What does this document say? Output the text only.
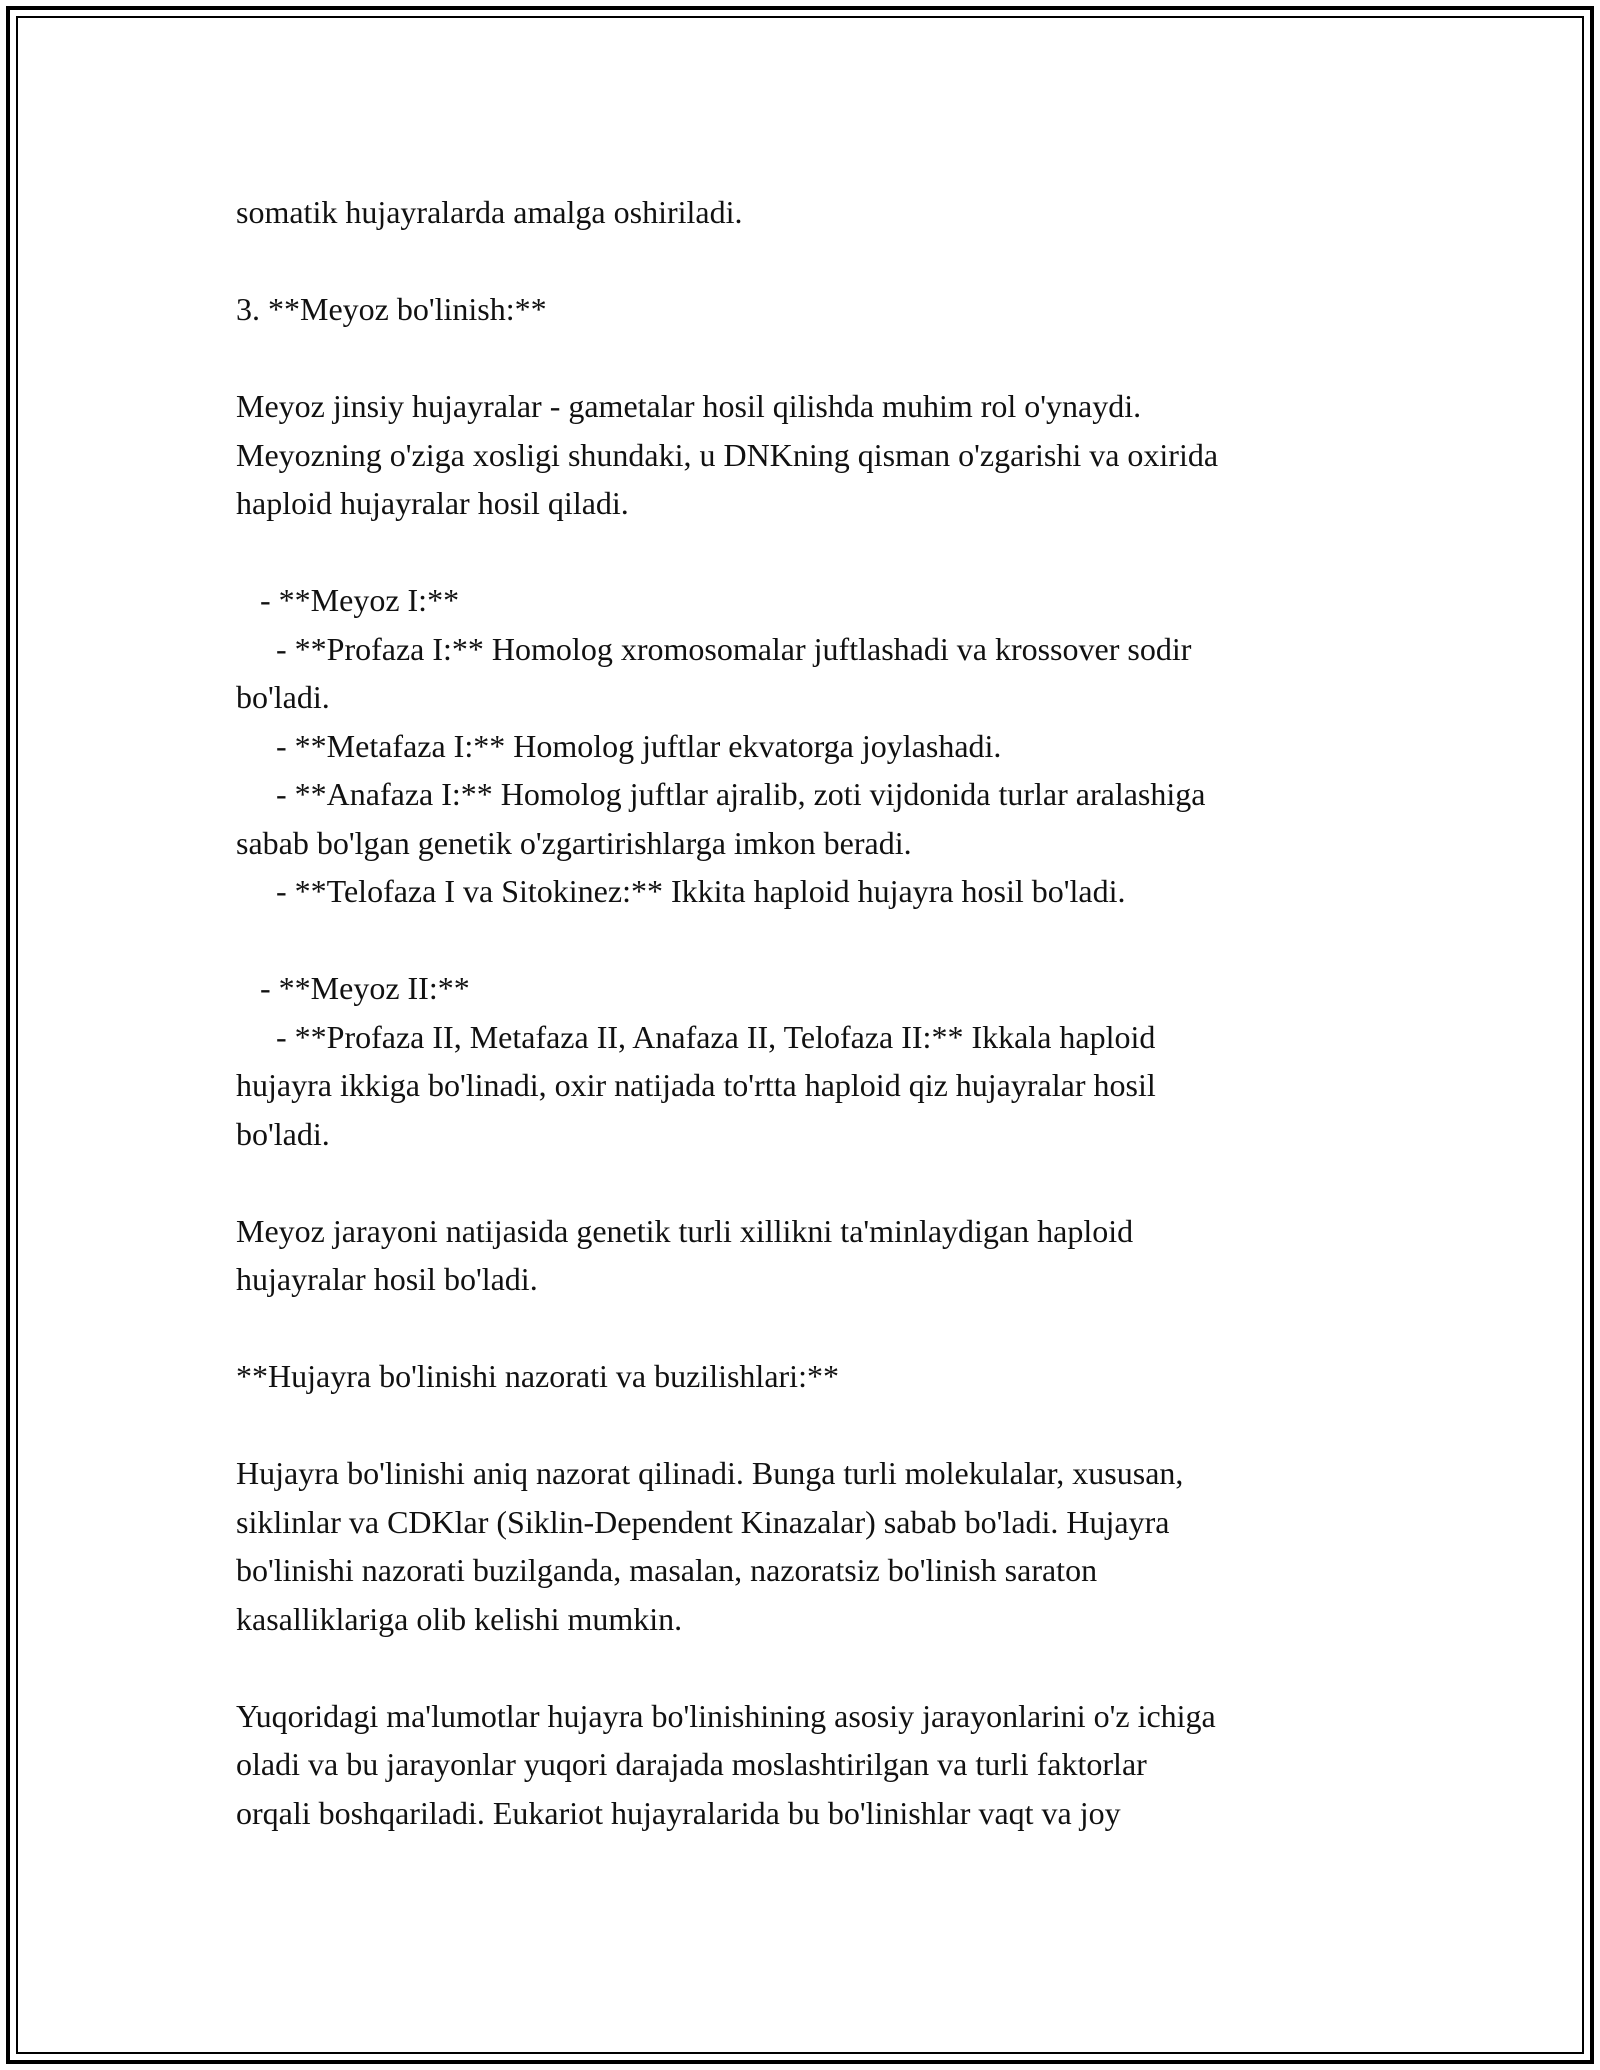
somatik hujayralarda amalga oshiriladi.
3. **Meyoz bo'linish:**
Meyoz jinsiy hujayralar - gametalar hosil qilishda muhim rol o'ynaydi.
Meyozning o'ziga xosligi shundaki, u DNKning qisman o'zgarishi va oxirida
haploid hujayralar hosil qiladi.
- **Meyoz I:**
- **Profaza I:** Homolog xromosomalar juftlashadi va krossover sodir
bo'ladi.
- **Metafaza I:** Homolog juftlar ekvatorga joylashadi.
- **Anafaza I:** Homolog juftlar ajralib, zoti vijdonida turlar aralashiga
sabab bo'lgan genetik o'zgartirishlarga imkon beradi.
- **Telofaza I va Sitokinez:** Ikkita haploid hujayra hosil bo'ladi.
- **Meyoz II:**
- **Profaza II, Metafaza II, Anafaza II, Telofaza II:** Ikkala haploid
hujayra ikkiga bo'linadi, oxir natijada to'rtta haploid qiz hujayralar hosil
bo'ladi.
Meyoz jarayoni natijasida genetik turli xillikni ta'minlaydigan haploid
hujayralar hosil bo'ladi.
**Hujayra bo'linishi nazorati va buzilishlari:**
Hujayra bo'linishi aniq nazorat qilinadi. Bunga turli molekulalar, xususan,
siklinlar va CDKlar (Siklin-Dependent Kinazalar) sabab bo'ladi. Hujayra
bo'linishi nazorati buzilganda, masalan, nazoratsiz bo'linish saraton
kasalliklariga olib kelishi mumkin.
Yuqoridagi ma'lumotlar hujayra bo'linishining asosiy jarayonlarini o'z ichiga
oladi va bu jarayonlar yuqori darajada moslashtirilgan va turli faktorlar
orqali boshqariladi. Eukariot hujayralarida bu bo'linishlar vaqt va joy
